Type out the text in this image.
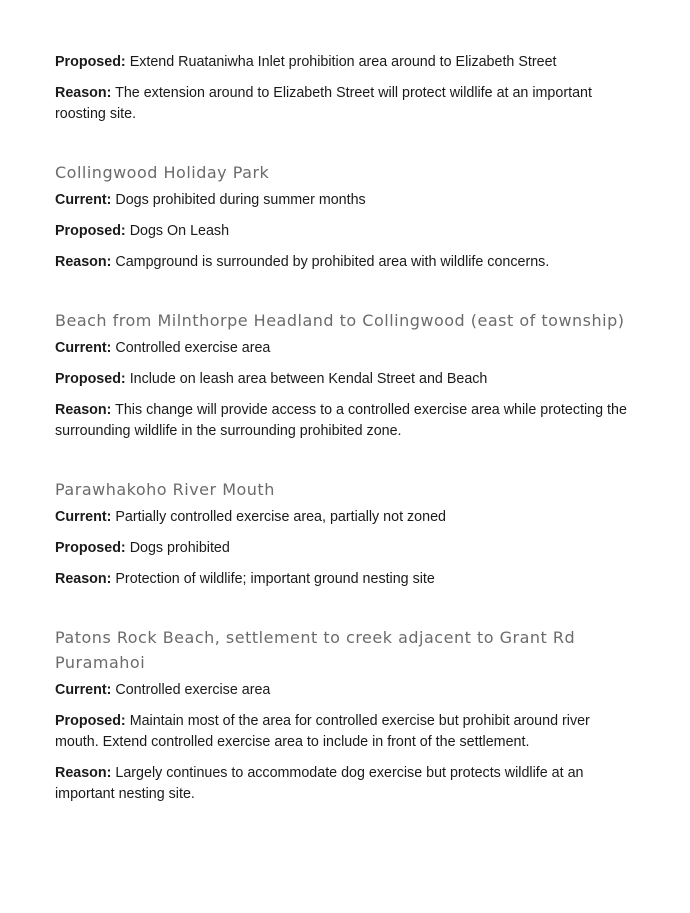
Proposed: Extend Ruataniwha Inlet prohibition area around to Elizabeth Street

Reason: The extension around to Elizabeth Street will protect wildlife at an important roosting site.

Collingwood Holiday Park

Current: Dogs prohibited during summer months

Proposed: Dogs On Leash

Reason: Campground is surrounded by prohibited area with wildlife concerns.

Beach from Milnthorpe Headland to Collingwood (east of township)

Current: Controlled exercise area

Proposed: Include on leash area between Kendal Street and Beach

Reason: This change will provide access to a controlled exercise area while protecting the surrounding wildlife in the surrounding prohibited zone.

Parawhakoho River Mouth

Current: Partially controlled exercise area, partially not zoned

Proposed: Dogs prohibited

Reason: Protection of wildlife; important ground nesting site

Patons Rock Beach, settlement to creek adjacent to Grant Rd Puramahoi

Current: Controlled exercise area

Proposed: Maintain most of the area for controlled exercise but prohibit around river mouth. Extend controlled exercise area to include in front of the settlement.

Reason: Largely continues to accommodate dog exercise but protects wildlife at an important nesting site.
